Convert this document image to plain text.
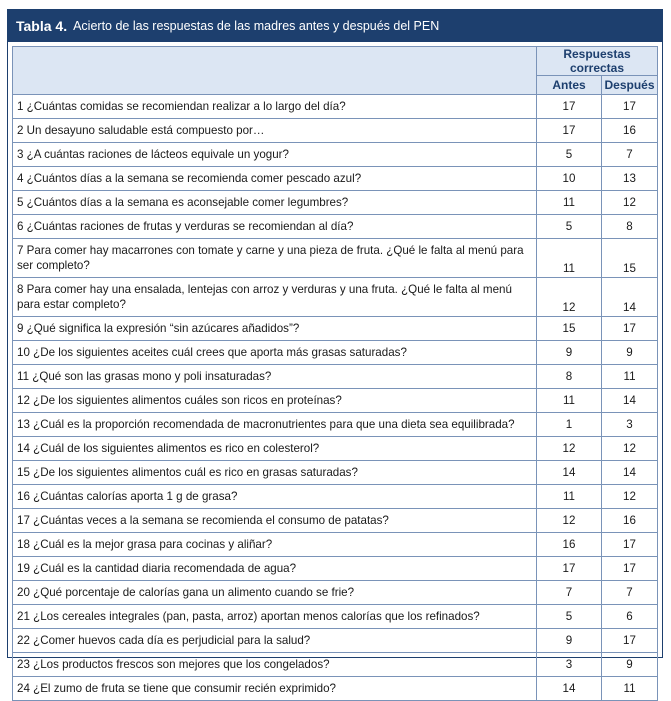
Tabla 4. Acierto de las respuestas de las madres antes y después del PEN
	Respuestas correctas	
	Antes	Después
1 ¿Cuántas comidas se recomiendan realizar a lo largo del día?	17	17
2 Un desayuno saludable está compuesto por…	17	16
3 ¿A cuántas raciones de lácteos equivale un yogur?	5	7
4 ¿Cuántos días a la semana se recomienda comer pescado azul?	10	13
5 ¿Cuántos días a la semana es aconsejable comer legumbres?	11	12
6 ¿Cuántas raciones de frutas y verduras se recomiendan al día?	5	8
7 Para comer hay macarrones con tomate y carne y una pieza de fruta. ¿Qué le falta al menú para ser completo?	11	15
8 Para comer hay una ensalada, lentejas con arroz y verduras y una fruta. ¿Qué le falta al menú para estar completo?	12	14
9 ¿Qué significa la expresión “sin azúcares añadidos”?	15	17
10 ¿De los siguientes aceites cuál crees que aporta más grasas saturadas?	9	9
11 ¿Qué son las grasas mono y poli insaturadas?	8	11
12 ¿De los siguientes alimentos cuáles son ricos en proteínas?	11	14
13 ¿Cuál es la proporción recomendada de macronutrientes para que una dieta sea equilibrada?	1	3
14 ¿Cuál de los siguientes alimentos es rico en colesterol?	12	12
15 ¿De los siguientes alimentos cuál es rico en grasas saturadas?	14	14
16 ¿Cuántas calorías aporta 1 g de grasa?	11	12
17 ¿Cuántas veces a la semana se recomienda el consumo de patatas?	12	16
18 ¿Cuál es la mejor grasa para cocinas y aliñar?	16	17
19 ¿Cuál es la cantidad diaria recomendada de agua?	17	17
20 ¿Qué porcentaje de calorías gana un alimento cuando se frie?	7	7
21 ¿Los cereales integrales (pan, pasta, arroz) aportan menos calorías que los refinados?	5	6
22 ¿Comer huevos cada día es perjudicial para la salud?	9	17
23 ¿Los productos frescos son mejores que los congelados?	3	9
24 ¿El zumo de fruta se tiene que consumir recién exprimido?	14	11
